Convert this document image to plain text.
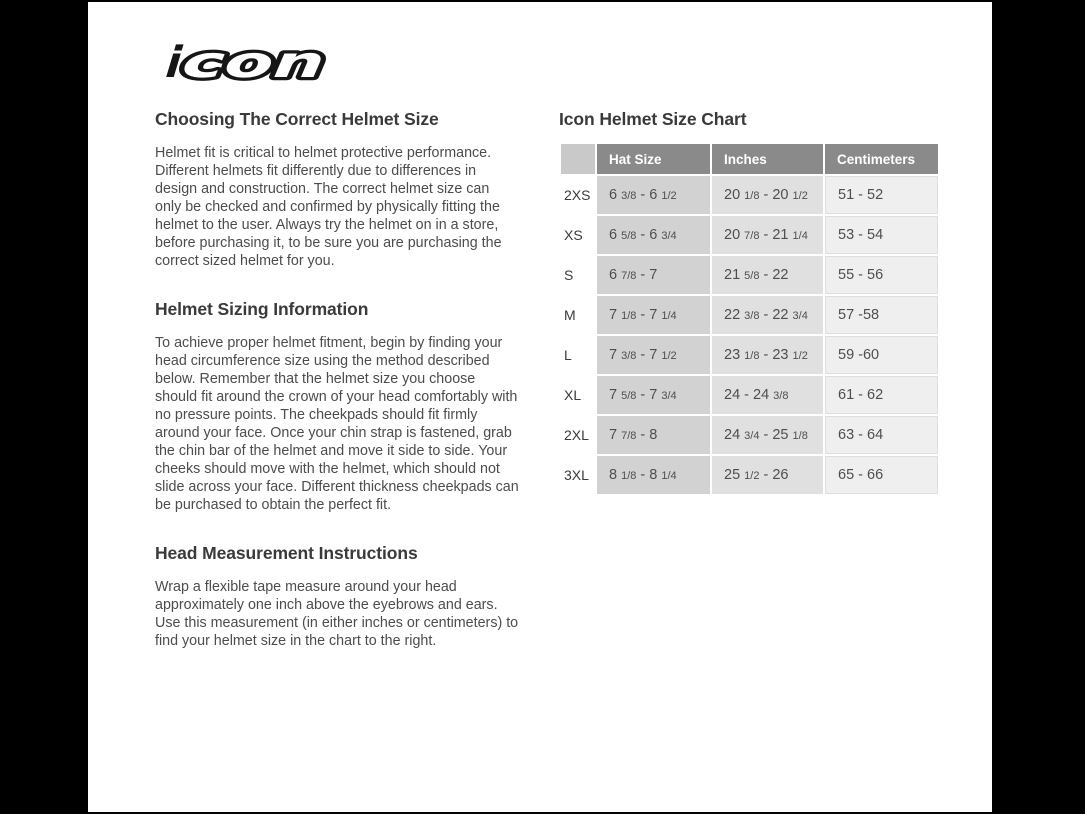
i
con
Choosing The Correct Helmet Size

Helmet fit is critical to helmet protective performance. Different helmets fit differently due to differences in design and construction. The correct helmet size can only be checked and confirmed by physically fitting the helmet to the user. Always try the helmet on in a store, before purchasing it, to be sure you are purchasing the correct sized helmet for you.

Helmet Sizing Information

To achieve proper helmet fitment, begin by finding your head circumference size using the method described below. Remember that the helmet size you choose should fit around the crown of your head comfortably with no pressure points. The cheekpads should fit firmly around your face. Once your chin strap is fastened, grab the chin bar of the helmet and move it side to side. Your cheeks should move with the helmet, which should not slide across your face. Different thickness cheekpads can be purchased to obtain the perfect fit.

Head Measurement Instructions

Wrap a flexible tape measure around your head approximately one inch above the eyebrows and ears. Use this measurement (in either inches or centimeters) to find your helmet size in the chart to the right.

Icon Helmet Size Chart
	Hat Size	Inches	Centimeters
2XS	6 3/8 - 6 1/2	20 1/8 - 20 1/2	51 - 52
XS	6 5/8 - 6 3/4	20 7/8 - 21 1/4	53 - 54
S	6 7/8 - 7	21 5/8 - 22	55 - 56
M	7 1/8 - 7 1/4	22 3/8 - 22 3/4	57 -58
L	7 3/8 - 7 1/2	23 1/8 - 23 1/2	59 -60
XL	7 5/8 - 7 3/4	24 - 24 3/8	61 - 62
2XL	7 7/8 - 8	24 3/4 - 25 1/8	63 - 64
3XL	8 1/8 - 8 1/4	25 1/2 - 26	65 - 66
